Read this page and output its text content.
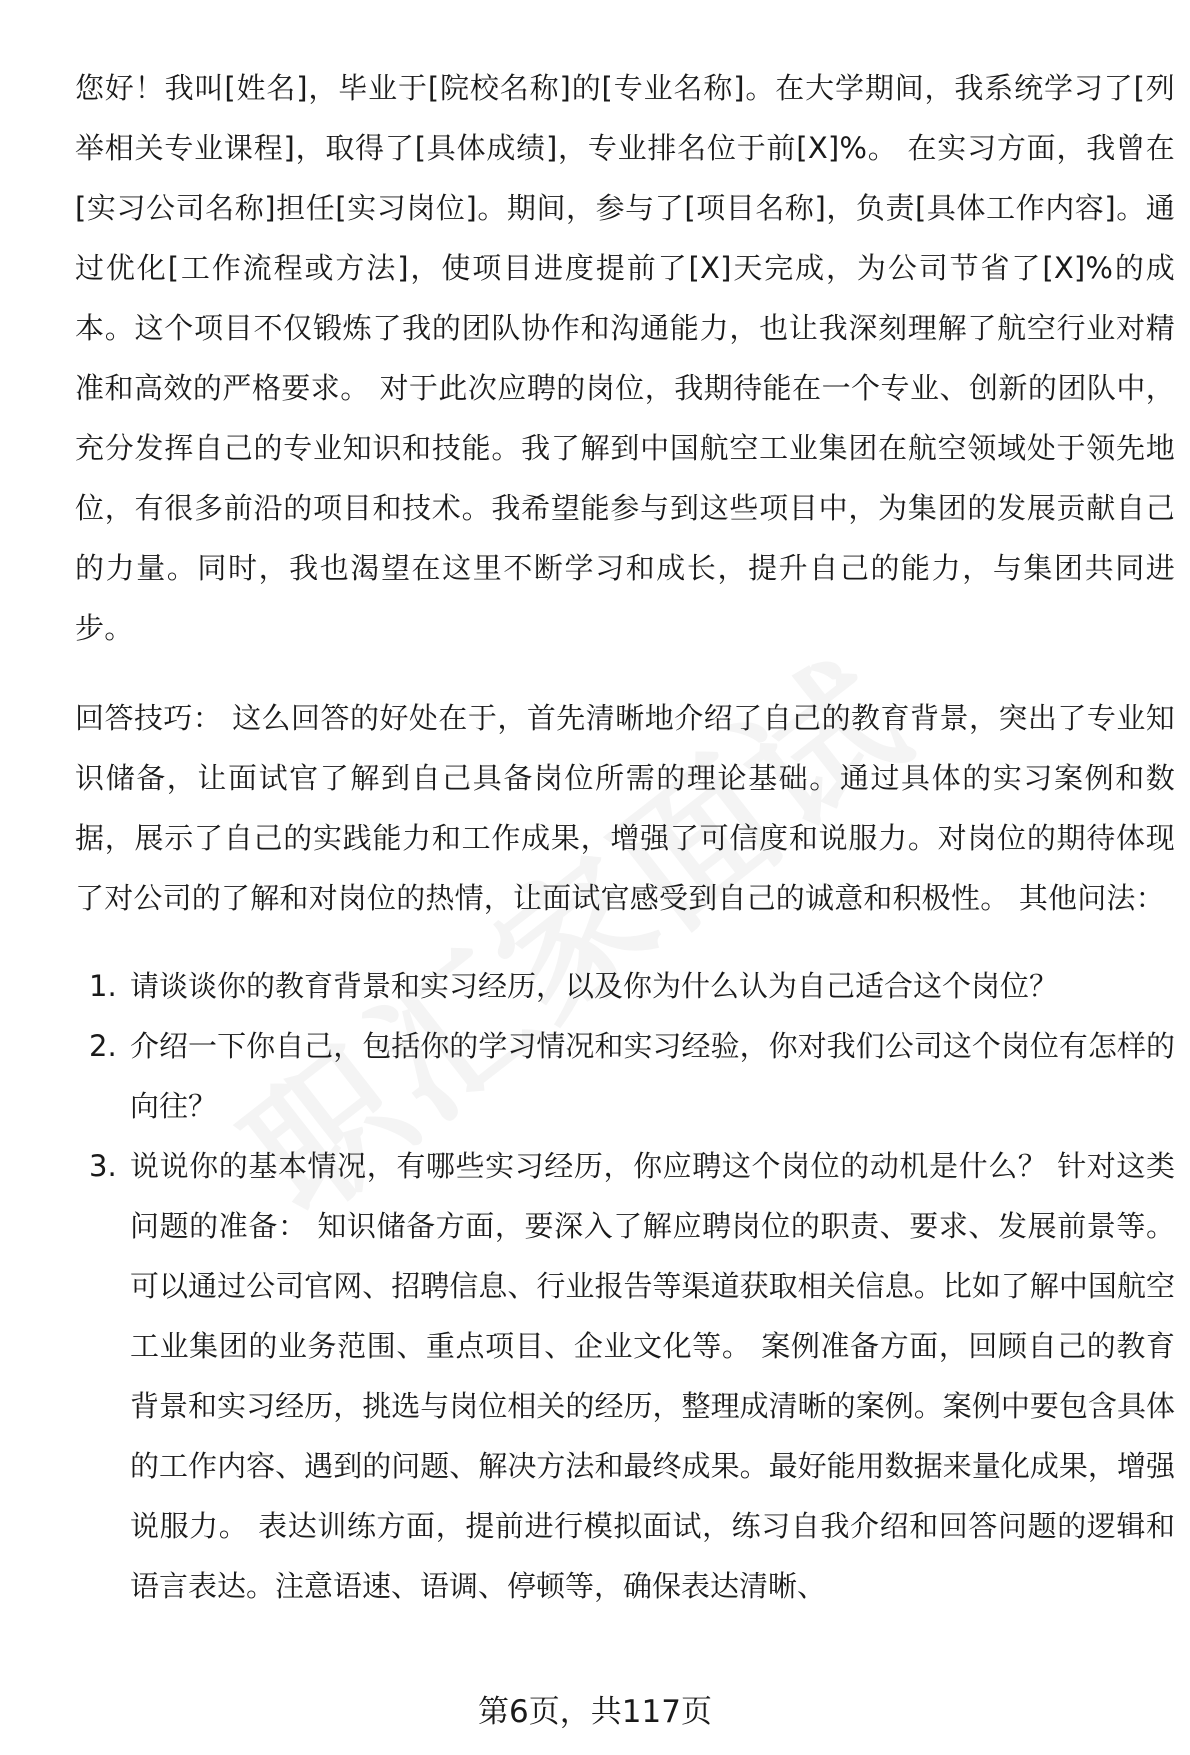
您好！我叫[姓名]，毕业于[院校名称]的[专业名称]。在大学期间，我系统学习了[列举相关专业课程]，取得了[具体成绩]，专业排名位于前[X]%。 在实习方面，我曾在[实习公司名称]担任[实习岗位]。期间，参与了[项目名称]，负责[具体工作内容]。通过优化[工作流程或方法]，使项目进度提前了[X]天完成，为公司节省了[X]%的成本。这个项目不仅锻炼了我的团队协作和沟通能力，也让我深刻理解了航空行业对精准和高效的严格要求。 对于此次应聘的岗位，我期待能在一个专业、创新的团队中，充分发挥自己的专业知识和技能。我了解到中国航空工业集团在航空领域处于领先地位，有很多前沿的项目和技术。我希望能参与到这些项目中，为集团的发展贡献自己的力量。同时，我也渴望在这里不断学习和成长，提升自己的能力，与集团共同进步。

回答技巧： 这么回答的好处在于，首先清晰地介绍了自己的教育背景，突出了专业知识储备，让面试官了解到自己具备岗位所需的理论基础。通过具体的实习案例和数据，展示了自己的实践能力和工作成果，增强了可信度和说服力。对岗位的期待体现了对公司的了解和对岗位的热情，让面试官感受到自己的诚意和积极性。 其他问法：

1. 请谈谈你的教育背景和实习经历，以及你为什么认为自己适合这个岗位？
2. 介绍一下你自己，包括你的学习情况和实习经验，你对我们公司这个岗位有怎样的向往？
3. 说说你的基本情况，有哪些实习经历，你应聘这个岗位的动机是什么？ 针对这类问题的准备： 知识储备方面，要深入了解应聘岗位的职责、要求、发展前景等。可以通过公司官网、招聘信息、行业报告等渠道获取相关信息。比如了解中国航空工业集团的业务范围、重点项目、企业文化等。 案例准备方面，回顾自己的教育背景和实习经历，挑选与岗位相关的经历，整理成清晰的案例。案例中要包含具体的工作内容、遇到的问题、解决方法和最终成果。最好能用数据来量化成果，增强说服力。 表达训练方面，提前进行模拟面试，练习自我介绍和回答问题的逻辑和语言表达。注意语速、语调、停顿等，确保表达清晰、
第6页，共117页
